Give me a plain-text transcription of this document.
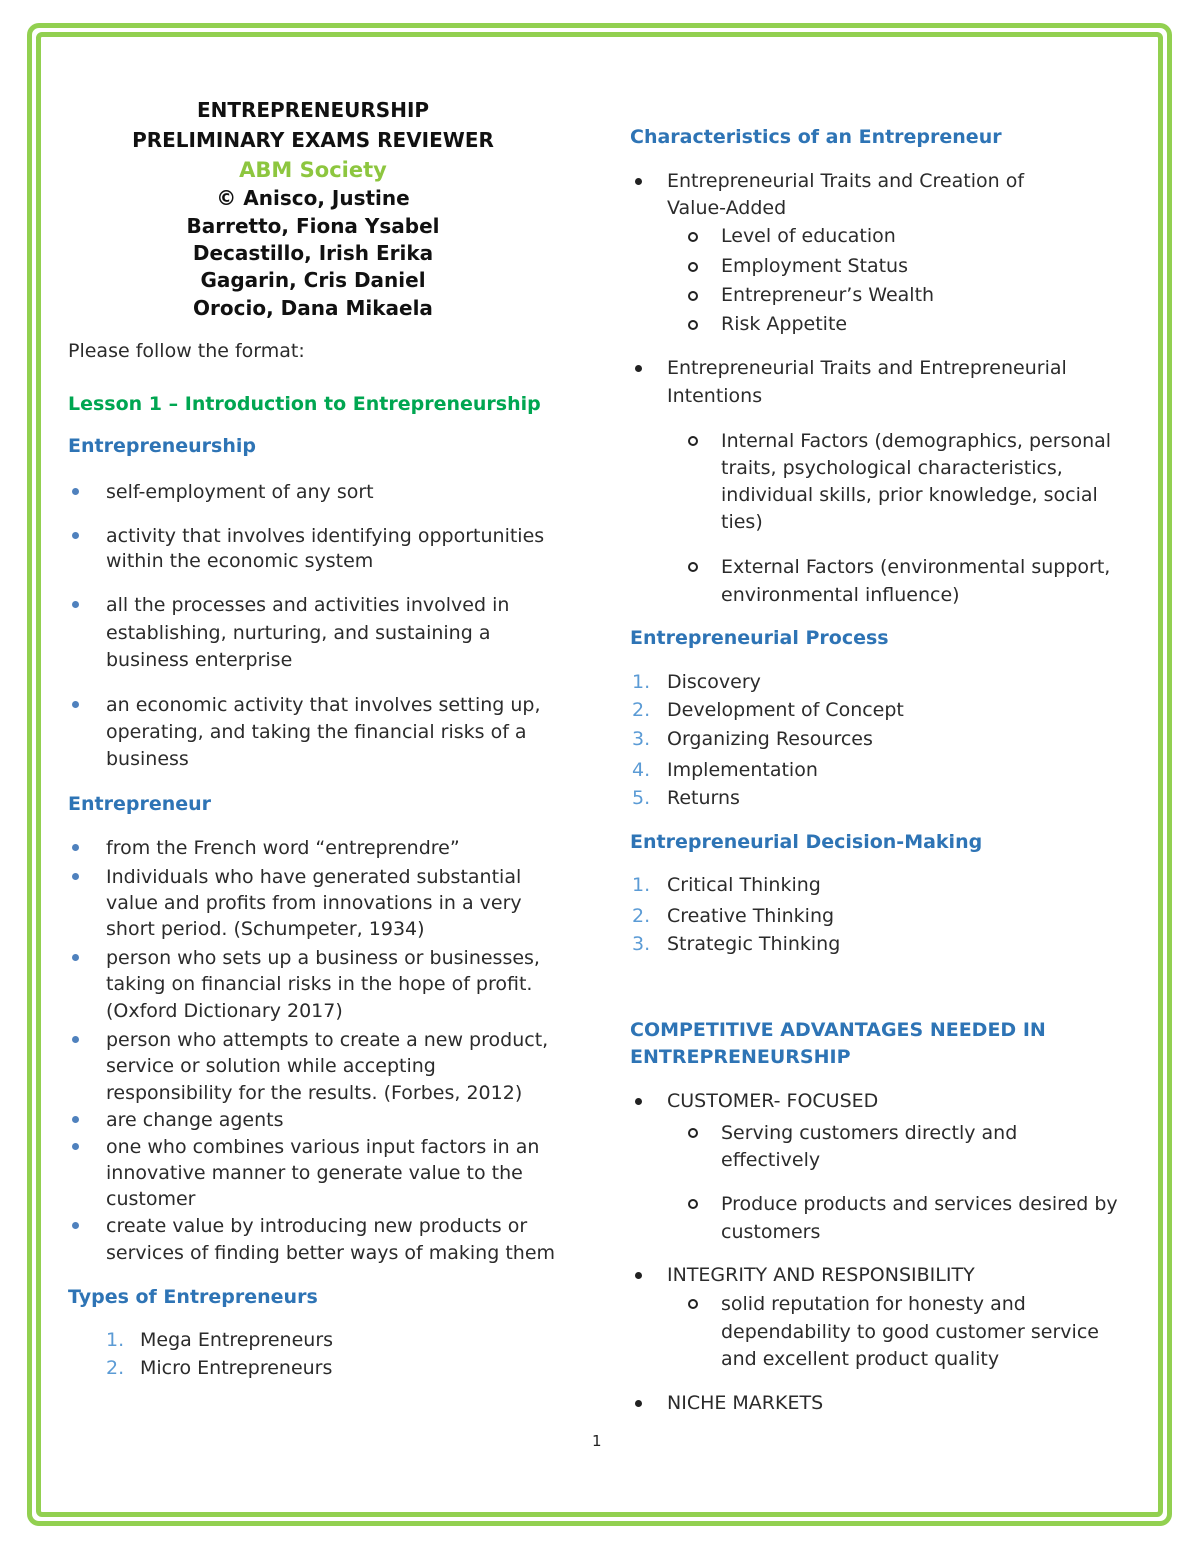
ENTREPRENEURSHIP
PRELIMINARY EXAMS REVIEWER
ABM Society
© Anisco, Justine
Barretto, Fiona Ysabel
Decastillo, Irish Erika
Gagarin, Cris Daniel
Orocio, Dana Mikaela
Please follow the format:
Lesson 1 – Introduction to Entrepreneurship
Entrepreneurship
self-employment of any sort
activity that involves identifying opportunities
within the economic system
all the processes and activities involved in
establishing, nurturing, and sustaining a
business enterprise
an economic activity that involves setting up,
operating, and taking the financial risks of a
business
Entrepreneur
from the French word “entreprendre”
Individuals who have generated substantial
value and profits from innovations in a very
short period. (Schumpeter, 1934)
person who sets up a business or businesses,
taking on financial risks in the hope of profit.
(Oxford Dictionary 2017)
person who attempts to create a new product,
service or solution while accepting
responsibility for the results. (Forbes, 2012)
are change agents
one who combines various input factors in an
innovative manner to generate value to the
customer
create value by introducing new products or
services of finding better ways of making them
Types of Entrepreneurs
1. Mega Entrepreneurs
2. Micro Entrepreneurs
Characteristics of an Entrepreneur
Entrepreneurial Traits and Creation of
Value-Added
Level of education
Employment Status
Entrepreneur’s Wealth
Risk Appetite
Entrepreneurial Traits and Entrepreneurial
Intentions
Internal Factors (demographics, personal
traits, psychological characteristics,
individual skills, prior knowledge, social
ties)
External Factors (environmental support,
environmental influence)
Entrepreneurial Process
1. Discovery
2. Development of Concept
3. Organizing Resources
4. Implementation
5. Returns
Entrepreneurial Decision-Making
1. Critical Thinking
2. Creative Thinking
3. Strategic Thinking
COMPETITIVE ADVANTAGES NEEDED IN
ENTREPRENEURSHIP
CUSTOMER- FOCUSED
Serving customers directly and
effectively
Produce products and services desired by
customers
INTEGRITY AND RESPONSIBILITY
solid reputation for honesty and
dependability to good customer service
and excellent product quality
NICHE MARKETS
1
